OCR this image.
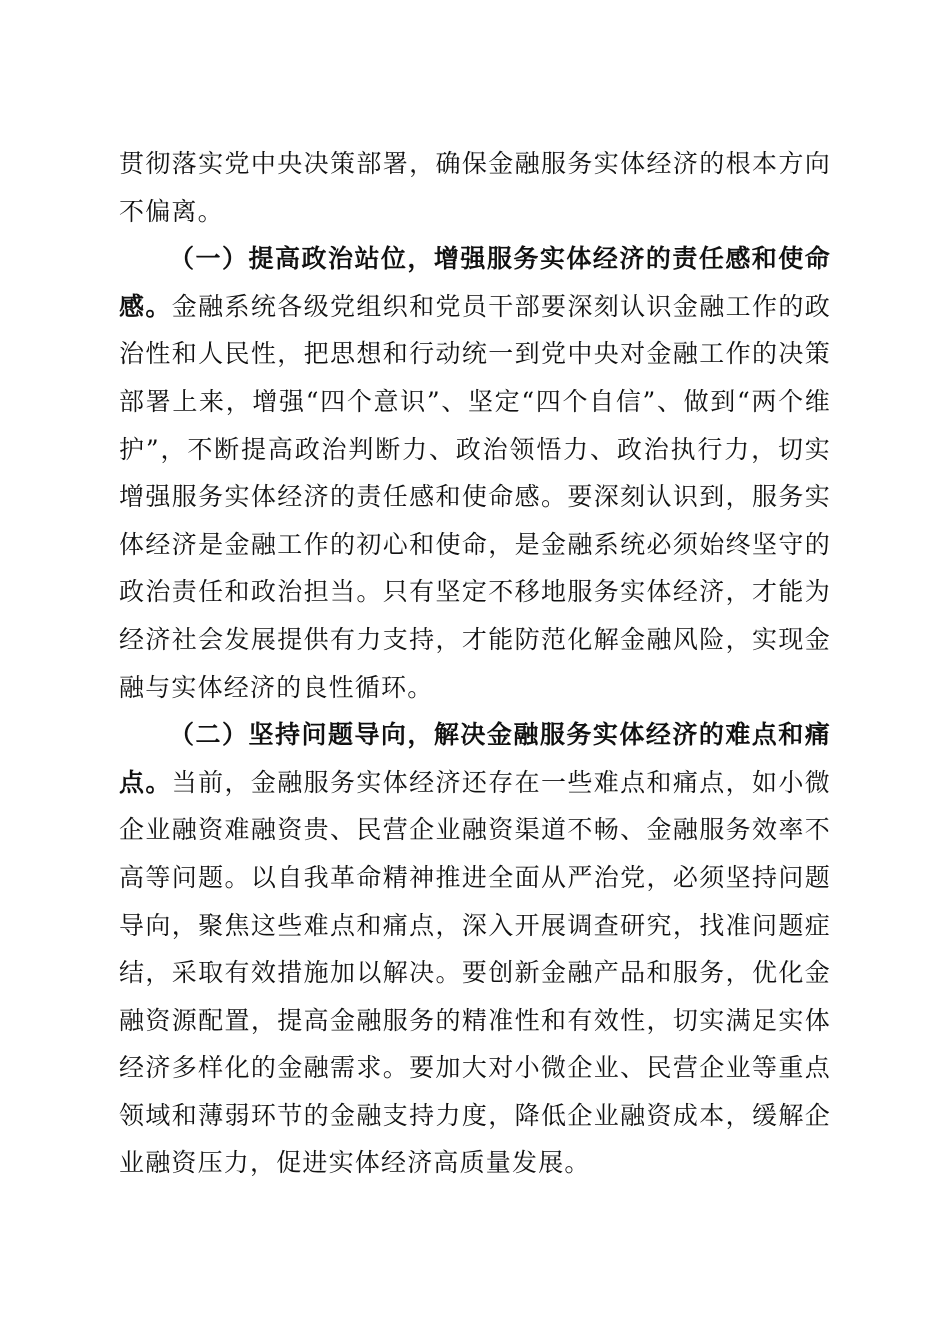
贯彻落实党中央决策部署，确保金融服务实体经济的根本方向不偏离。

（一）提高政治站位，增强服务实体经济的责任感和使命感。金融系统各级党组织和党员干部要深刻认识金融工作的政治性和人民性，把思想和行动统一到党中央对金融工作的决策部署上来，增强“四个意识”、坚定“四个自信”、做到“两个维护”，不断提高政治判断力、政治领悟力、政治执行力，切实增强服务实体经济的责任感和使命感。要深刻认识到，服务实体经济是金融工作的初心和使命，是金融系统必须始终坚守的政治责任和政治担当。只有坚定不移地服务实体经济，才能为经济社会发展提供有力支持，才能防范化解金融风险，实现金融与实体经济的良性循环。

（二）坚持问题导向，解决金融服务实体经济的难点和痛点。当前，金融服务实体经济还存在一些难点和痛点，如小微企业融资难融资贵、民营企业融资渠道不畅、金融服务效率不高等问题。以自我革命精神推进全面从严治党，必须坚持问题导向，聚焦这些难点和痛点，深入开展调查研究，找准问题症结，采取有效措施加以解决。要创新金融产品和服务，优化金融资源配置，提高金融服务的精准性和有效性，切实满足实体经济多样化的金融需求。要加大对小微企业、民营企业等重点领域和薄弱环节的金融支持力度，降低企业融资成本，缓解企业融资压力，促进实体经济高质量发展。
